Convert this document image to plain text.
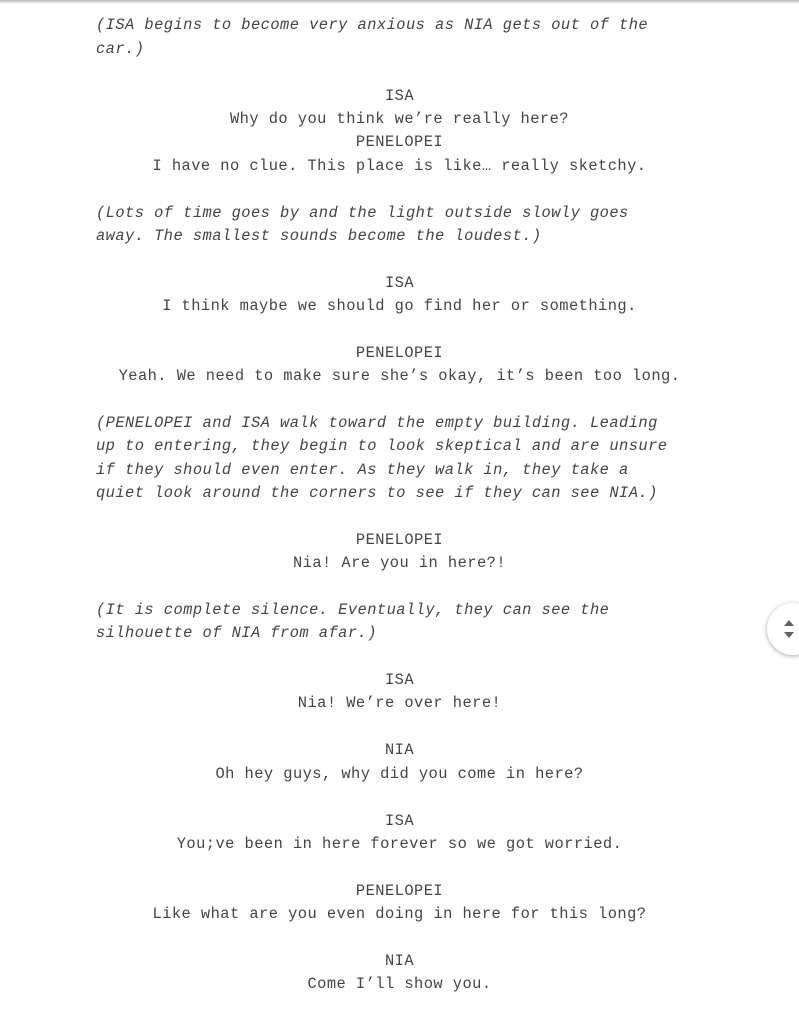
(ISA begins to become very anxious as NIA gets out of the
car.)
ISA
Why do you think we’re really here?
PENELOPEI
I have no clue. This place is like… really sketchy.
(Lots of time goes by and the light outside slowly goes
away. The smallest sounds become the loudest.)
ISA
I think maybe we should go find her or something.
PENELOPEI
Yeah. We need to make sure she’s okay, it’s been too long.
(PENELOPEI and ISA walk toward the empty building. Leading
up to entering, they begin to look skeptical and are unsure
if they should even enter. As they walk in, they take a
quiet look around the corners to see if they can see NIA.)
PENELOPEI
Nia! Are you in here?!
(It is complete silence. Eventually, they can see the
silhouette of NIA from afar.)
ISA
Nia! We’re over here!
NIA
Oh hey guys, why did you come in here?
ISA
You;ve been in here forever so we got worried.
PENELOPEI
Like what are you even doing in here for this long?
NIA
Come I’ll show you.
